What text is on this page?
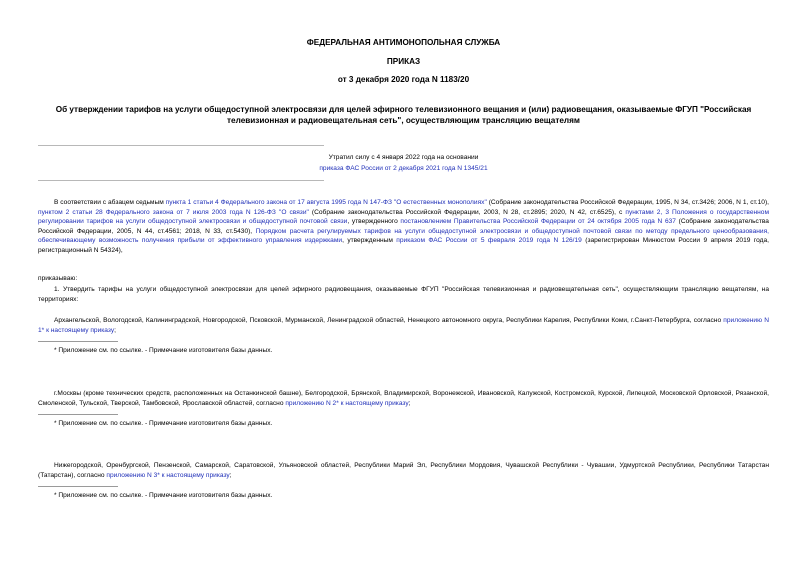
ФЕДЕРАЛЬНАЯ АНТИМОНОПОЛЬНАЯ СЛУЖБА

ПРИКАЗ

от 3 декабря 2020 года N 1183/20

Об утверждении тарифов на услуги общедоступной электросвязи для целей эфирного телевизионного вещания и (или) радиовещания, оказываемые ФГУП "Российская телевизионная и радиовещательная сеть", осуществляющим трансляцию вещателям

Утратил силу с 4 января 2022 года на основании
приказа ФАС России от 2 декабря 2021 года N 1345/21

В соответствии с абзацем седьмым пункта 1 статьи 4 Федерального закона от 17 августа 1995 года N 147-ФЗ "О естественных монополиях" (Собрание законодательства Российской Федерации, 1995, N 34, ст.3426; 2006, N 1, ст.10), пунктом 2 статьи 28 Федерального закона от 7 июля 2003 года N 126-ФЗ "О связи" (Собрание законодательства Российской Федерации, 2003, N 28, ст.2895; 2020, N 42, ст.6525), с пунктами 2, 3 Положения о государственном регулировании тарифов на услуги общедоступной электросвязи и общедоступной почтовой связи, утвержденного постановлением Правительства Российской Федерации от 24 октября 2005 года N 637 (Собрание законодательства Российской Федерации, 2005, N 44, ст.4561; 2018, N 33, ст.5430), Порядком расчета регулируемых тарифов на услуги общедоступной электросвязи и общедоступной почтовой связи по методу предельного ценообразования, обеспечивающему возможность получения прибыли от эффективного управления издержками, утвержденным приказом ФАС России от 5 февраля 2019 года N 126/19 (зарегистрирован Минюстом России 9 апреля 2019 года, регистрационный N 54324),

приказываю:

1. Утвердить тарифы на услуги общедоступной электросвязи для целей эфирного радиовещания, оказываемые ФГУП "Российская телевизионная и радиовещательная сеть", осуществляющим трансляцию вещателям, на территориях:

Архангельской, Вологодской, Калининградской, Новгородской, Псковской, Мурманской, Ленинградской областей, Ненецкого автономного округа, Республики Карелия, Республики Коми, г.Санкт-Петербурга, согласно приложению N 1* к настоящему приказу;

* Приложение см. по ссылке. - Примечание изготовителя базы данных.

г.Москвы (кроме технических средств, расположенных на Останкинской башне), Белгородской, Брянской, Владимирской, Воронежской, Ивановской, Калужской, Костромской, Курской, Липецкой, Московской Орловской, Рязанской, Смоленской, Тульской, Тверской, Тамбовской, Ярославской областей, согласно приложению N 2* к настоящему приказу;

* Приложение см. по ссылке. - Примечание изготовителя базы данных.

Нижегородской, Оренбургской, Пензенской, Самарской, Саратовской, Ульяновской областей, Республики Марий Эл, Республики Мордовия, Чувашской Республики - Чувашии, Удмуртской Республики, Республики Татарстан (Татарстан), согласно приложению N 3* к настоящему приказу;

* Приложение см. по ссылке. - Примечание изготовителя базы данных.
